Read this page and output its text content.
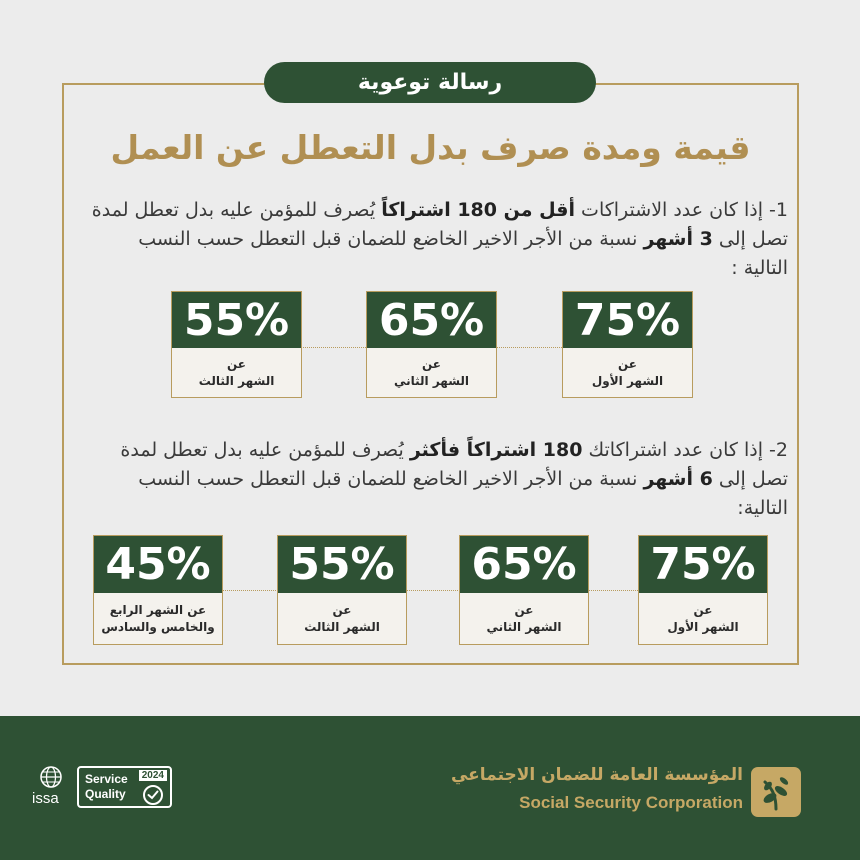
رسالة توعوية
قيمة ومدة صرف بدل التعطل عن العمل
1- إذا كان عدد الاشتراكات أقل من 180 اشتراكاً يُصرف للمؤمن عليه بدل تعطل لمدة تصل إلى 3 أشهر نسبة من الأجر الاخير الخاضع للضمان قبل التعطل حسب النسب التالية :
75%
عن
الشهر الأول
65%
عن
الشهر الثاني
55%
عن
الشهر الثالث
2- إذا كان عدد اشتراكاتك 180 اشتراكاً فأكثر يُصرف للمؤمن عليه بدل تعطل لمدة تصل إلى 6 أشهر نسبة من الأجر الاخير الخاضع للضمان قبل التعطل حسب النسب التالية:
75%
عن
الشهر الأول
65%
عن
الشهر الثاني
55%
عن
الشهر الثالث
45%
عن الشهر الرابع
والخامس والسادس
المؤسسة العامة للضمان الاجتماعي
Social Security Corporation
issa
Service
Quality
2024
